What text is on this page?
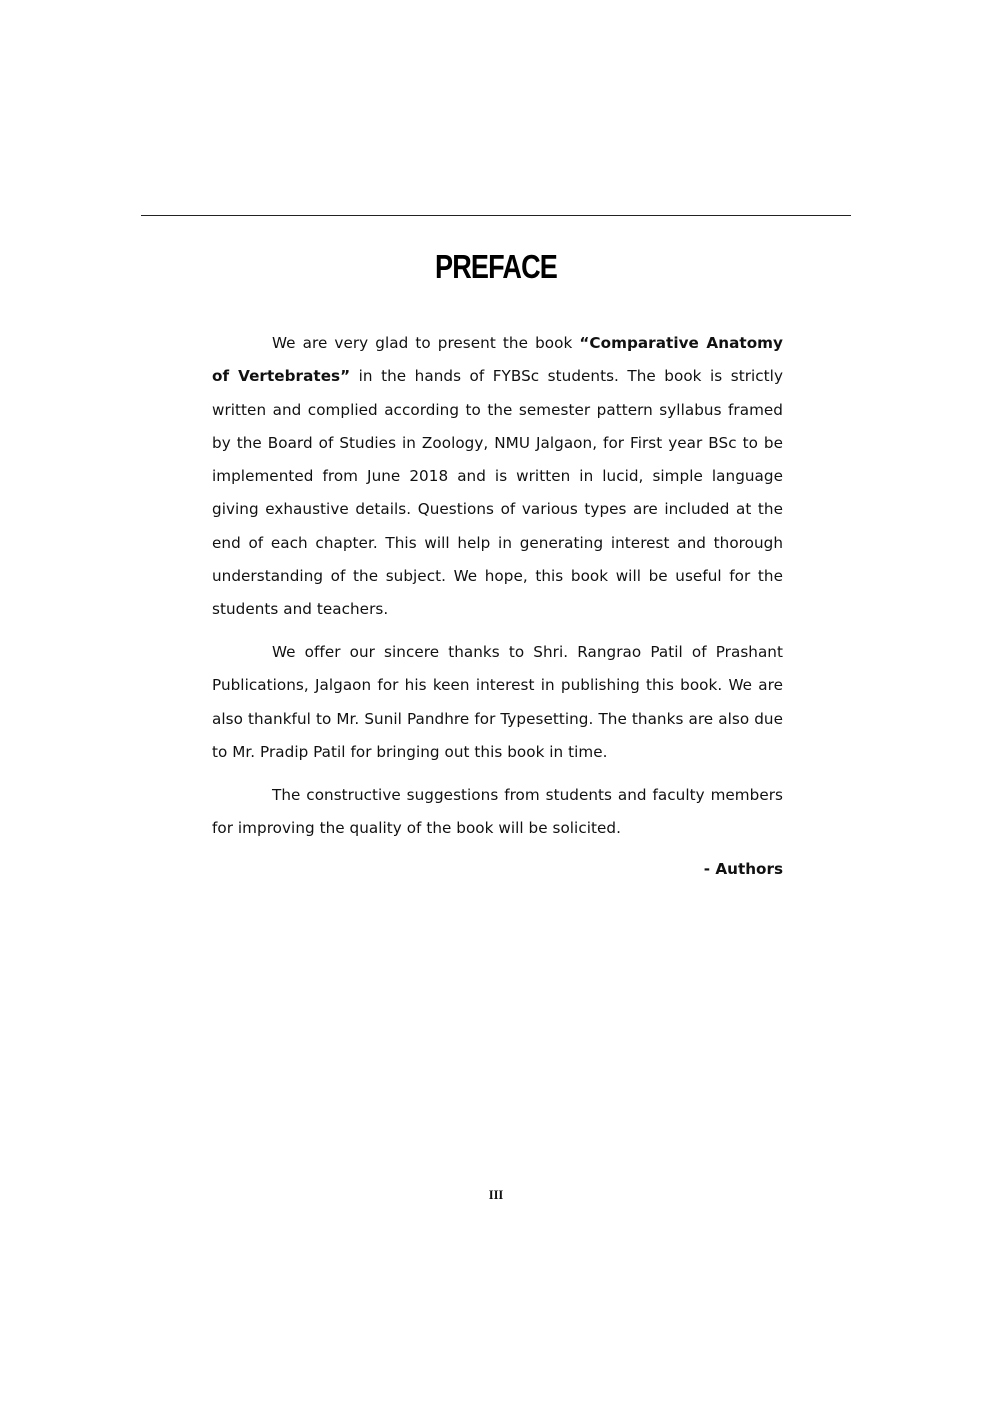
PREFACE

We are very glad to present the book “Comparative Anatomy of Vertebrates” in the hands of FYBSc students. The book is strictly written and complied according to the semester pattern syllabus framed by the Board of Studies in Zoology, NMU Jalgaon, for First year BSc to be implemented from June 2018 and is written in lucid, simple language giving exhaustive details. Questions of various types are included at the end of each chapter. This will help in generating interest and thorough understanding of the subject. We hope, this book will be useful for the students and teachers.

We offer our sincere thanks to Shri. Rangrao Patil of Prashant Publications, Jalgaon for his keen interest in publishing this book. We are also thankful to Mr. Sunil Pandhre for Typesetting. The thanks are also due to Mr. Pradip Patil for bringing out this book in time.

The constructive suggestions from students and faculty members for improving the quality of the book will be solicited.

- Authors
III
